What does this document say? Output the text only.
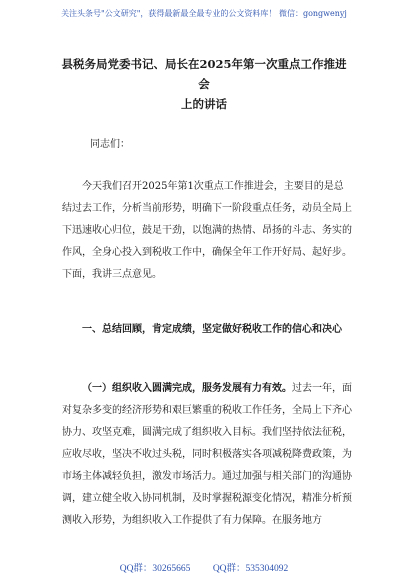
关注头条号"公文研究"，获得最新最全最专业的公文资料库！ 微信：gongwenyj
县税务局党委书记、局长在2025年第一次重点工作推进会
上的讲话
同志们：
今天我们召开2025年第1次重点工作推进会，主要目的是总结过去工作，分析当前形势，明确下一阶段重点任务，动员全局上下迅速收心归位，鼓足干劲，以饱满的热情、昂扬的斗志、务实的作风，全身心投入到税收工作中，确保全年工作开好局、起好步。下面，我讲三点意见。
一、总结回顾，肯定成绩，坚定做好税收工作的信心和决心
（一）组织收入圆满完成，服务发展有力有效。过去一年，面对复杂多变的经济形势和艰巨繁重的税收工作任务，全局上下齐心协力、攻坚克难，圆满完成了组织收入目标。我们坚持依法征税，应收尽收，坚决不收过头税，同时积极落实各项减税降费政策，为市场主体减轻负担，激发市场活力。通过加强与相关部门的沟通协调，建立健全收入协同机制，及时掌握税源变化情况，精准分析预测收入形势，为组织收入工作提供了有力保障。在服务地方
QQ群：30265665 QQ群：535304092
